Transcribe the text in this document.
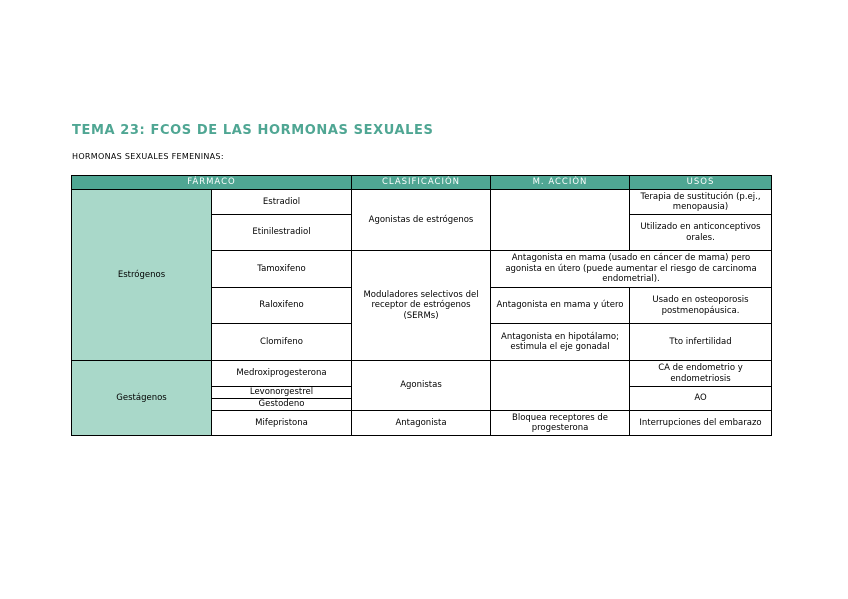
TEMA 23: FCOS DE LAS HORMONAS SEXUALES
HORMONAS SEXUALES FEMENINAS:
FÁRMACO		CLASIFICACIÓN	M. ACCIÓN	USOS
Estrógenos	Estradiol	Agonistas de estrógenos		Terapia de sustitución (p.ej., menopausia)
	Etinilestradiol			Utilizado en anticonceptivos orales.
	Tamoxifeno	Moduladores selectivos del receptor de estrógenos (SERMs)	Antagonista en mama (usado en cáncer de mama) pero agonista en útero (puede aumentar el riesgo de carcinoma endometrial).	
	Raloxifeno		Antagonista en mama y útero	Usado en osteoporosis postmenopáusica.
	Clomifeno		Antagonista en hipotálamo; estimula el eje gonadal	Tto infertilidad
Gestágenos	Medroxiprogesterona	Agonistas		CA de endometrio y endometriosis
	Levonorgestrel			AO
	Gestodeno			
	Mifepristona	Antagonista	Bloquea receptores de progesterona	Interrupciones del embarazo
